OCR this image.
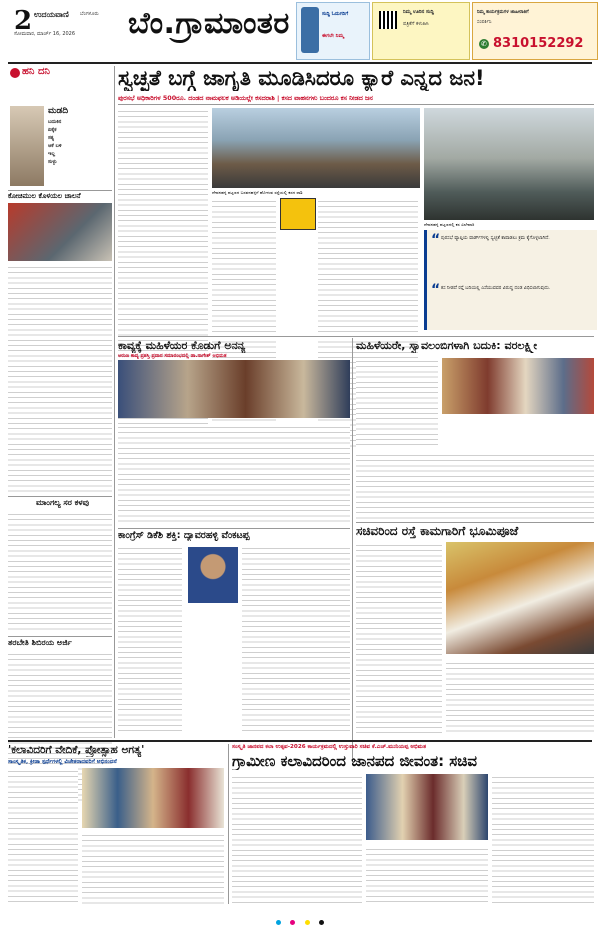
2 ಉದಯವಾಣಿ ಬೆಂಗಳೂರು
ಸೋಮವಾರ, ಮಾರ್ಚ್ 16, 2026 ಬೆಂ.ಗ್ರಾಮಾಂತರ	ಸುದ್ದಿ ಓದುಗರಿಗೆ
ಈಗಲೇ ನಿಮ್ಮ
ನಿಮ್ಮ ಊರಿನ ಸುದ್ದಿ
ಪತ್ರಿಕೆಗೆ ಕಳುಹಿಸಿ
ನಿಮ್ಮ ಕಾರ್ಯಕ್ರಮಗಳ ಜಾಹೀರಾತಿಗೆ
ಸಂಪರ್ಕಿಸಿ
✆ 8310152292
ಹನಿ ದನಿ
ಮಡದಿ
ಬದುಕಿನ
ಏಕೈಕ
ಸತ್ಯ
ಆಕೆ ಬಳಿ
ಇಲ್ಲ
ಸುಳ್ಳು
ಕೋಚಿಮುಲ ಕೊಳಯಲ ಚಾಲನೆ
ಮಾಂಗಲ್ಯ ಸರ ಕಳವು
ತರಬೇತಿ ಶಿಬಿರಯ ಅರ್ಜಿ
ಸ್ವಚ್ಛತೆ ಬಗ್ಗೆ ಜಾಗೃತಿ ಮೂಡಿಸಿದರೂ ಕ್ಯಾರೆ ಎನ್ನದ ಜನ!
ಪುರಸಭೆ ಅಧಿಕಾರಿಗಳ 500ರೂ. ದಂಡದ ನಾಮಫಲಕ ಅಡಿಯಲ್ಲೇ ಕಸದರಾಶಿ | ಕಸದ ವಾಹನಗಳು ಬಂದರೂ ಕಸ ನೀಡದ ಜನ
ದೇವನಹಳ್ಳಿ ಪಟ್ಟಣದ ಬಸವನಹಳ್ಳಿಗೆ ಹೋಗುವ ರಸ್ತೆಯಲ್ಲಿ ಕಸದ ರಾಶಿ
ದೇವನಹಳ್ಳಿ ಪಟ್ಟಣದಲ್ಲಿ ಕಸ ವಿಲೇವಾರಿ
“ ಪುರಸಭೆ ವ್ಯಾಪ್ತಿಯ ವಾರ್ಡ್‌ಗಳಲ್ಲಿ ಸ್ವಚ್ಛತೆ ಕಾಪಾಡಲು ಕ್ರಮ ಕೈಗೊಳ್ಳಲಾಗಿದೆ.
“ ಕಸ ನೀಡದೆ ರಸ್ತೆ ಬದಿಯಲ್ಲಿ ಎಸೆಯುವವರ ವಿರುದ್ಧ ದಂಡ ವಿಧಿಸಲಾಗುವುದು.
ಕಾವ್ಯಕ್ಕೆ ಮಹಿಳೆಯರ ಕೊಡುಗೆ ಅನನ್ಯ
ಅರುಣ ಕಾವ್ಯ ಪ್ರಶಸ್ತಿ ಪ್ರದಾನ ಸಮಾರಂಭದಲ್ಲಿ ಡಾ.ನಾಗೇಶ್ ಅಭಿಮತ
ಮಹಿಳೆಯರೇ, ಸ್ವಾವಲಂಬಿಗಳಾಗಿ ಬದುಕಿ: ವರಲಕ್ಷ್ಮೀ
ಕಾಂಗ್ರೆಸ್ ಡಿಕೆಶಿ ಶಕ್ತಿ: ದ್ಯಾವರಹಳ್ಳಿ ವೆಂಕಟಪ್ಪ	ಸಚಿವರಿಂದ ರಸ್ತೆ ಕಾಮಗಾರಿಗೆ ಭೂಮಿಪೂಜೆ
'ಕಲಾವಿದರಿಗೆ ವೇದಿಕೆ, ಪ್ರೋತ್ಸಾಹ ಅಗತ್ಯ'
ಸಾಂಸ್ಕೃತಿಕ, ಕ್ರೀಡಾ ಸ್ಪರ್ಧೆಗಳಲ್ಲಿ ವಿಜೇತರಾದವರಿಗೆ ಅಭಿನಂದನೆ
ಸಂಸ್ಕೃತಿ ಜಾನಪದ ಕಲಾ ಉತ್ಸವ-2026 ಕಾರ್ಯಕ್ರಮದಲ್ಲಿ ಉಸ್ತುವಾರಿ ಸಚಿವ ಕೆ.ಎಚ್.ಮುನಿಯಪ್ಪ ಅಭಿಮತ
ಗ್ರಾಮೀಣ ಕಲಾವಿದರಿಂದ ಜಾನಪದ ಜೀವಂತ: ಸಚಿವ
